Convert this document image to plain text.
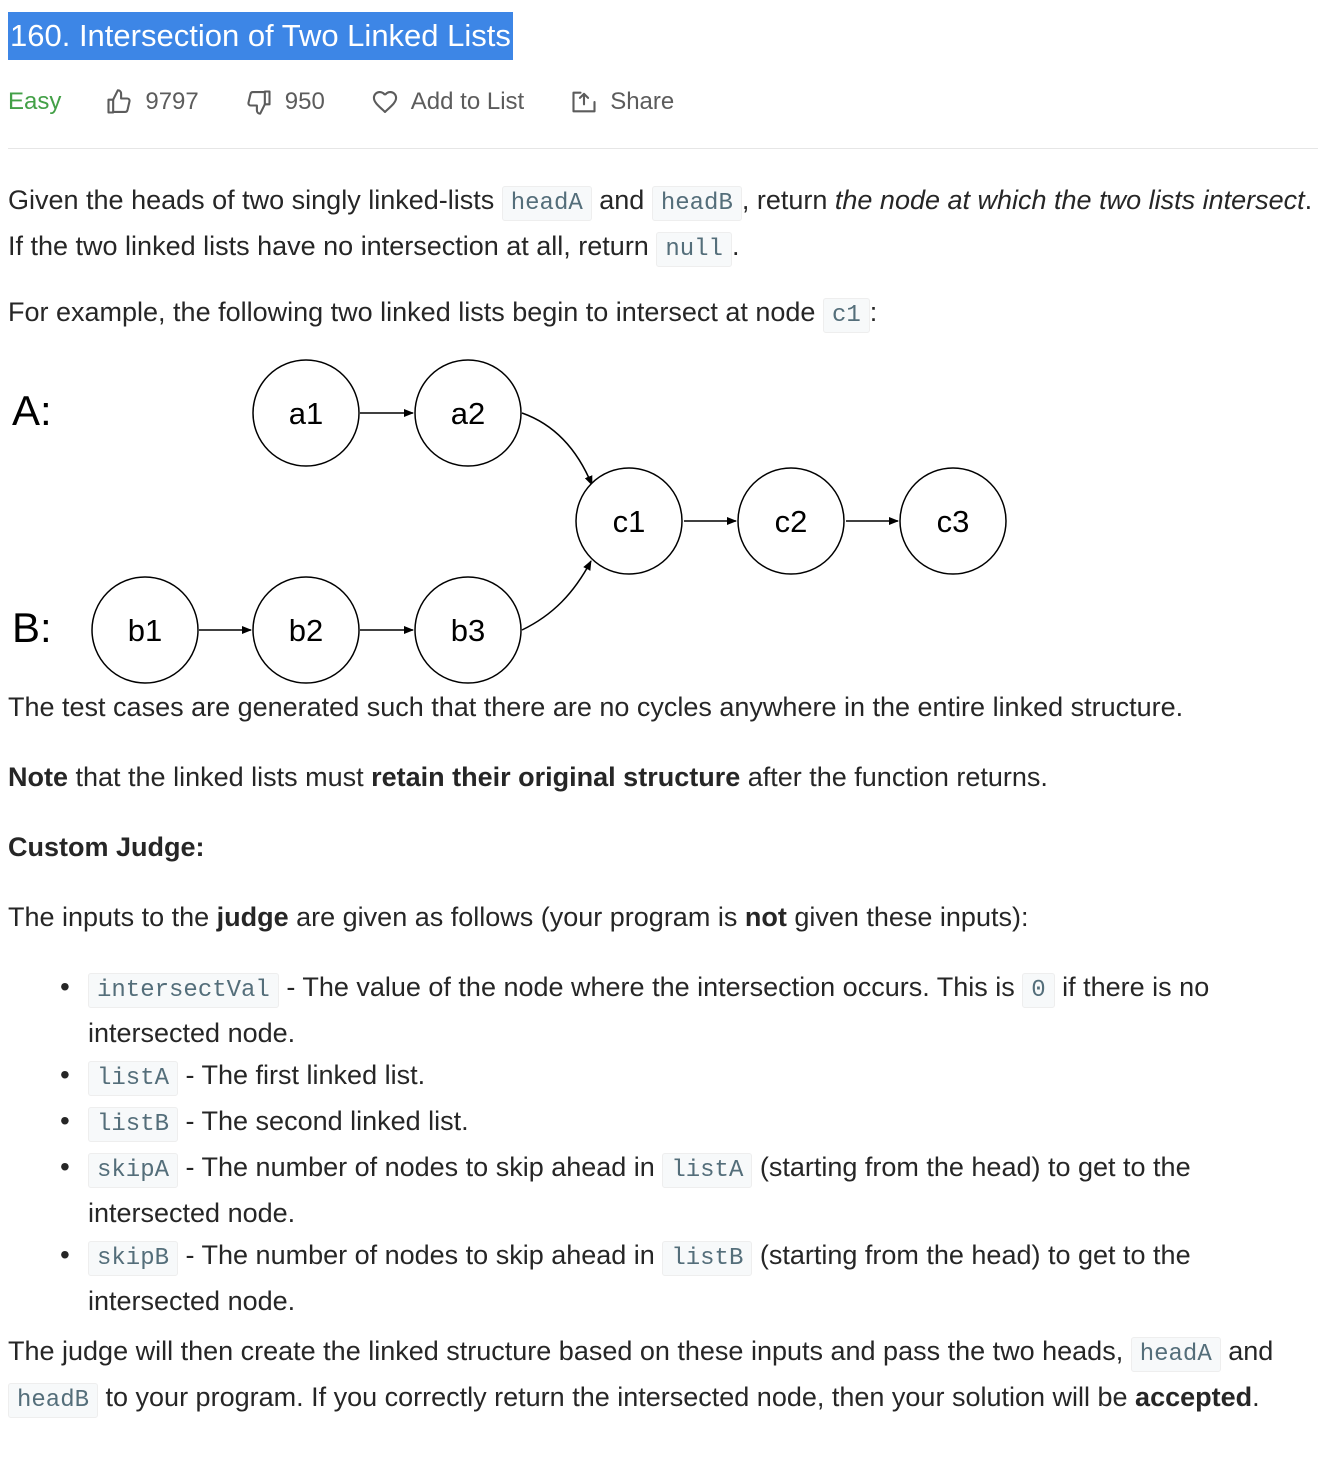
160. Intersection of Two Linked Lists
Easy	9797	950	Add to List	Share

Given the heads of two singly linked-lists headA and headB , return the node at which the two lists intersect. If the two linked lists have no intersection at all, return null .

For example, the following two linked lists begin to intersect at node c1 :

A:
B:
a1	a2
c1	c2	c3
b1	b2	b3

The test cases are generated such that there are no cycles anywhere in the entire linked structure.

Note that the linked lists must retain their original structure after the function returns.

Custom Judge:

The inputs to the judge are given as follows (your program is not given these inputs):

• intersectVal - The value of the node where the intersection occurs. This is 0 if there is no intersected node.
• listA - The first linked list.
• listB - The second linked list.
• skipA - The number of nodes to skip ahead in listA (starting from the head) to get to the intersected node.
• skipB - The number of nodes to skip ahead in listB (starting from the head) to get to the intersected node.

The judge will then create the linked structure based on these inputs and pass the two heads, headA and headB to your program. If you correctly return the intersected node, then your solution will be accepted.
